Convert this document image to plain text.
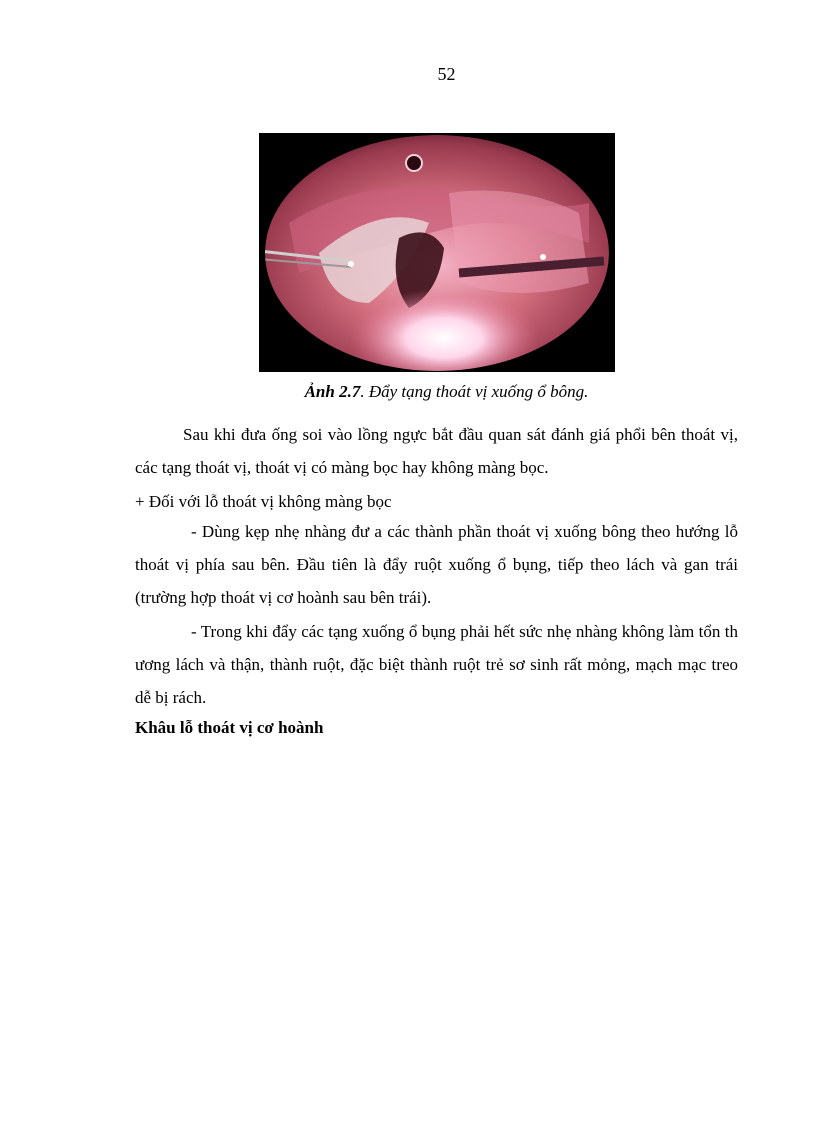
52
Ảnh 2.7. Đẩy tạng thoát vị xuống ổ bông.
Sau khi đưa ống soi vào lồng ngực bắt đầu quan sát đánh giá phổi bên thoát vị, các tạng thoát vị, thoát vị có màng bọc hay không màng bọc.
+ Đối với lỗ thoát vị không màng bọc
- Dùng kẹp nhẹ nhàng đư a các thành phần thoát vị xuống bông theo hướng lỗ thoát vị phía sau bên. Đầu tiên là đẩy ruột xuống ổ bụng, tiếp theo lách và gan trái (trường hợp thoát vị cơ hoành sau bên trái).
- Trong khi đẩy các tạng xuống ổ bụng phải hết sức nhẹ nhàng không làm tổn th ương lách và thận, thành ruột, đặc biệt thành ruột trẻ sơ sinh rất mỏng, mạch mạc treo dễ bị rách.
Khâu lỗ thoát vị cơ hoành
